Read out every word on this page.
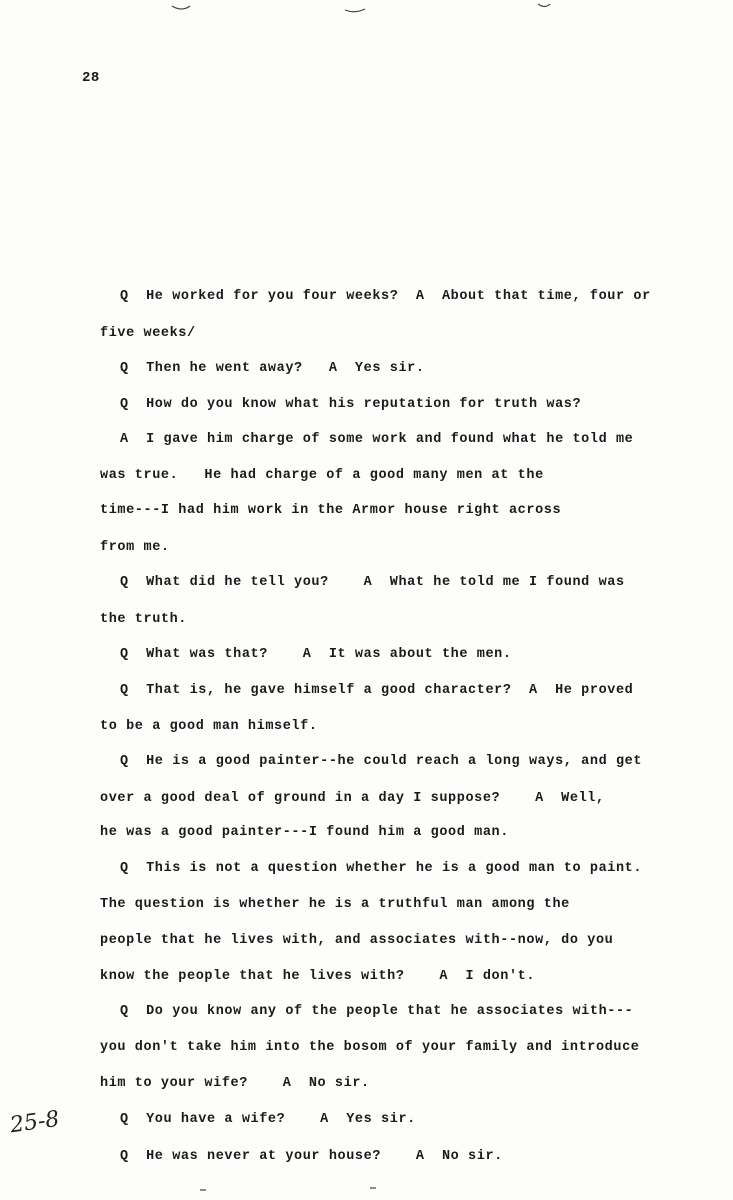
28
Q  He worked for you four weeks?  A  About that time, four or
five weeks/
Q  Then he went away?   A  Yes sir.
Q  How do you know what his reputation for truth was?
A  I gave him charge of some work and found what he told me
was true.   He had charge of a good many men at the
time---I had him work in the Armor house right across
from me.
Q  What did he tell you?    A  What he told me I found was
the truth.
Q  What was that?    A  It was about the men.
Q  That is, he gave himself a good character?  A  He proved
to be a good man himself.
Q  He is a good painter--he could reach a long ways, and get
over a good deal of ground in a day I suppose?    A  Well,
he was a good painter---I found him a good man.
Q  This is not a question whether he is a good man to paint.
The question is whether he is a truthful man among the
people that he lives with, and associates with--now, do you
know the people that he lives with?    A  I don't.
Q  Do you know any of the people that he associates with---
you don't take him into the bosom of your family and introduce
him to your wife?    A  No sir.
Q  You have a wife?    A  Yes sir.
Q  He was never at your house?    A  No sir.
25-8
